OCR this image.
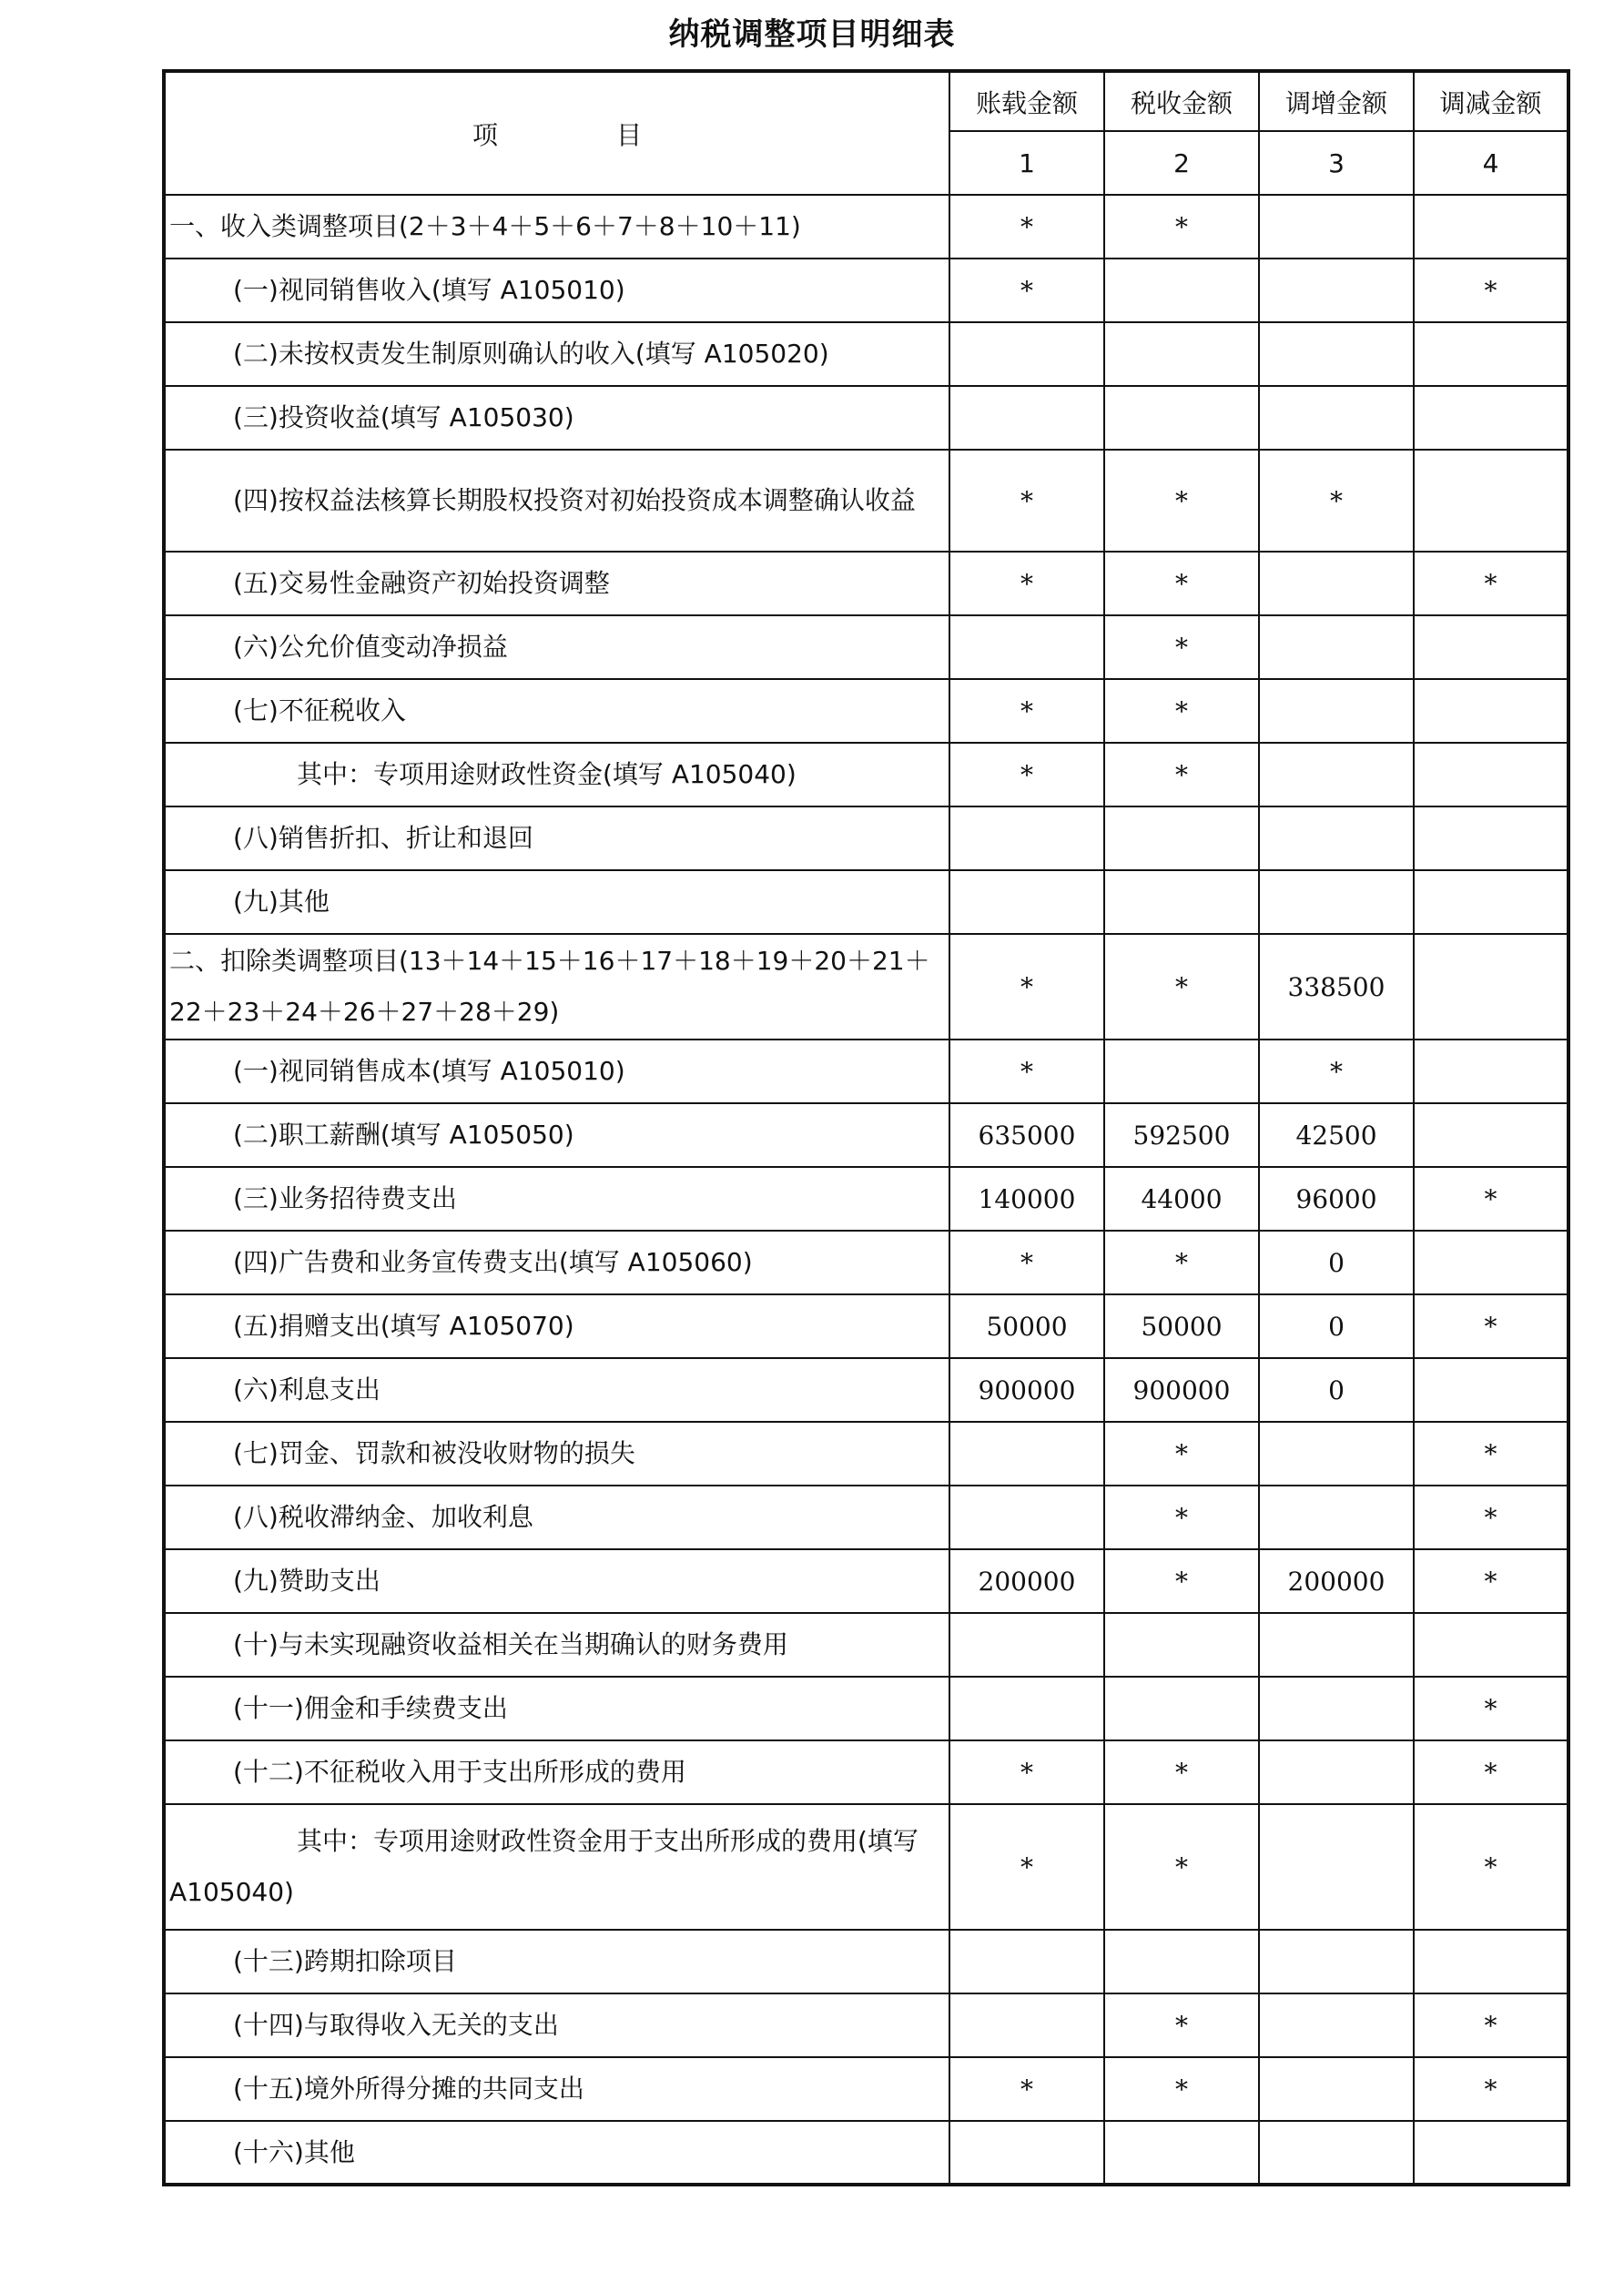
纳税调整项目明细表
项 目	账载金额	税收金额	调增金额	调减金额
	1	2	3	4
一、收入类调整项目(2＋3＋4＋5＋6＋7＋8＋10＋11)	*	*		
(一)视同销售收入(填写 A105010)	*			*
(二)未按权责发生制原则确认的收入(填写 A105020)				
(三)投资收益(填写 A105030)				
(四)按权益法核算长期股权投资对初始投资成本调整确认收益	*	*	*	
(五)交易性金融资产初始投资调整	*	*		*
(六)公允价值变动净损益		*		
(七)不征税收入	*	*		
其中：专项用途财政性资金(填写 A105040)	*	*		
(八)销售折扣、折让和退回				
(九)其他				
二、扣除类调整项目(13＋14＋15＋16＋17＋18＋19＋20＋21＋22＋23＋24＋26＋27＋28＋29)	*	*	338500	
(一)视同销售成本(填写 A105010)	*		*	
(二)职工薪酬(填写 A105050)	635000	592500	42500	
(三)业务招待费支出	140000	44000	96000	*
(四)广告费和业务宣传费支出(填写 A105060)	*	*	0	
(五)捐赠支出(填写 A105070)	50000	50000	0	*
(六)利息支出	900000	900000	0	
(七)罚金、罚款和被没收财物的损失		*		*
(八)税收滞纳金、加收利息		*		*
(九)赞助支出	200000	*	200000	*
(十)与未实现融资收益相关在当期确认的财务费用				
(十一)佣金和手续费支出				*
(十二)不征税收入用于支出所形成的费用	*	*		*
其中：专项用途财政性资金用于支出所形成的费用(填写 A105040)	*	*		*
(十三)跨期扣除项目				
(十四)与取得收入无关的支出		*		*
(十五)境外所得分摊的共同支出	*	*		*
(十六)其他				
